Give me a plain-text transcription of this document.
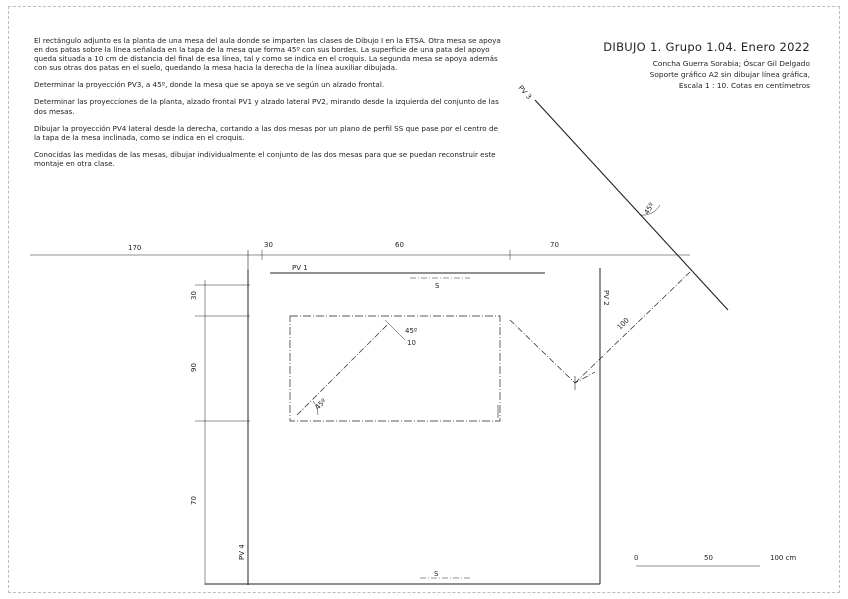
El rectángulo adjunto es la planta de una mesa del aula donde se imparten las clases de Dibujo I en la ETSA. Otra mesa se apoya en dos patas sobre la línea señalada en la tapa de la mesa que forma 45º con sus bordes. La superficie de una pata del apoyo queda situada a 10 cm de distancia del final de esa línea, tal y como se indica en el croquis. La segunda mesa se apoya además con sus otras dos patas en el suelo, quedando la mesa hacia la derecha de la línea auxiliar dibujada.

Determinar la proyección PV3, a 45º, donde la mesa que se apoya se ve según un alzado frontal.

Determinar las proyecciones de la planta, alzado frontal PV1 y alzado lateral PV2, mirando desde la izquierda del conjunto de las dos mesas.

Dibujar la proyección PV4 lateral desde la derecha, cortando a las dos mesas por un plano de perfil SS que pase por el centro de la tapa de la mesa inclinada, como se indica en el croquis.

Conocidas las medidas de las mesas, dibujar individualmente el conjunto de las dos mesas para que se puedan reconstruir este montaje en otra clase.

DIBUJO 1. Grupo 1.04. Enero 2022
Concha Guerra Sorabia; Óscar Gil Delgado
Soporte gráfico A2 sin dibujar línea gráfica,
Escala 1 : 10. Cotas en centímetros
170	30	60	70
30
90
70
100
45º
45º
45º
10
PV 1
PV 2
PV 3
PV 4
S
S
0	50	100 cm
